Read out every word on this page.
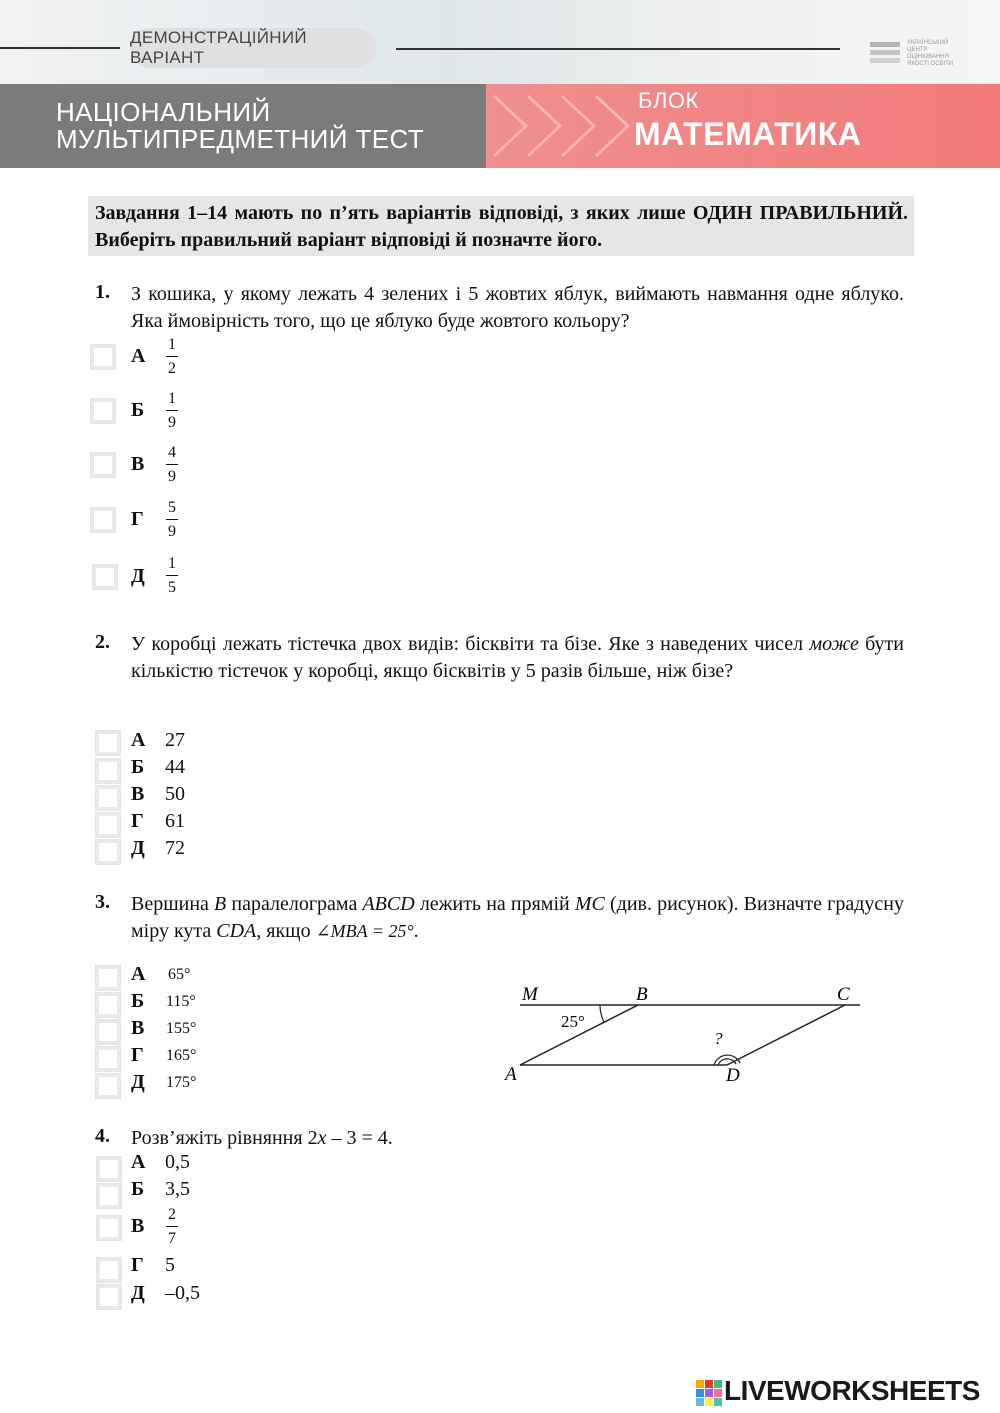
ДЕМОНСТРАЦІЙНИЙ ВАРІАНТ
УКРАЇНСЬКИЙ
ЦЕНТР
ОЦІНЮВАННЯ
ЯКОСТІ ОСВІТИ
НАЦІОНАЛЬНИЙ
МУЛЬТИПРЕДМЕТНИЙ ТЕСТ
БЛОК
МАТЕМАТИКА
Завдання 1–14 мають по п’ять варіантів відповіді, з яких лише ОДИН ПРАВИЛЬНИЙ. Виберіть правильний варіант відповіді й позначте його.
1. З кошика, у якому лежать 4 зелених і 5 жовтих яблук, виймають навмання одне яблуко. Яка ймовірність того, що це яблуко буде жовтого кольору?
А
1
2
Б
1
9
В
4
9
Г
5
9
Д
1
5
2. У коробці лежать тістечка двох видів: бісквіти та бізе. Яке з наведених чисел може бути кількістю тістечок у коробці, якщо бісквітів у 5 разів більше, ніж бізе?
А 27
Б 44
В 50
Г 61
Д 72
3. Вершина B паралелограма ABCD лежить на прямій MC (див. рисунок). Визначте градусну міру кута CDA, якщо ∠MBA = 25°.
А 65°
Б 115°
В 155°
Г 165°
Д 175°
M	B	C
A	D
25°
?
4. Розв’яжіть рівняння 2x – 3 = 4.
А 0,5
Б 3,5
В
2
7
Г 5
Д –0,5
LIVEWORKSHEETS
